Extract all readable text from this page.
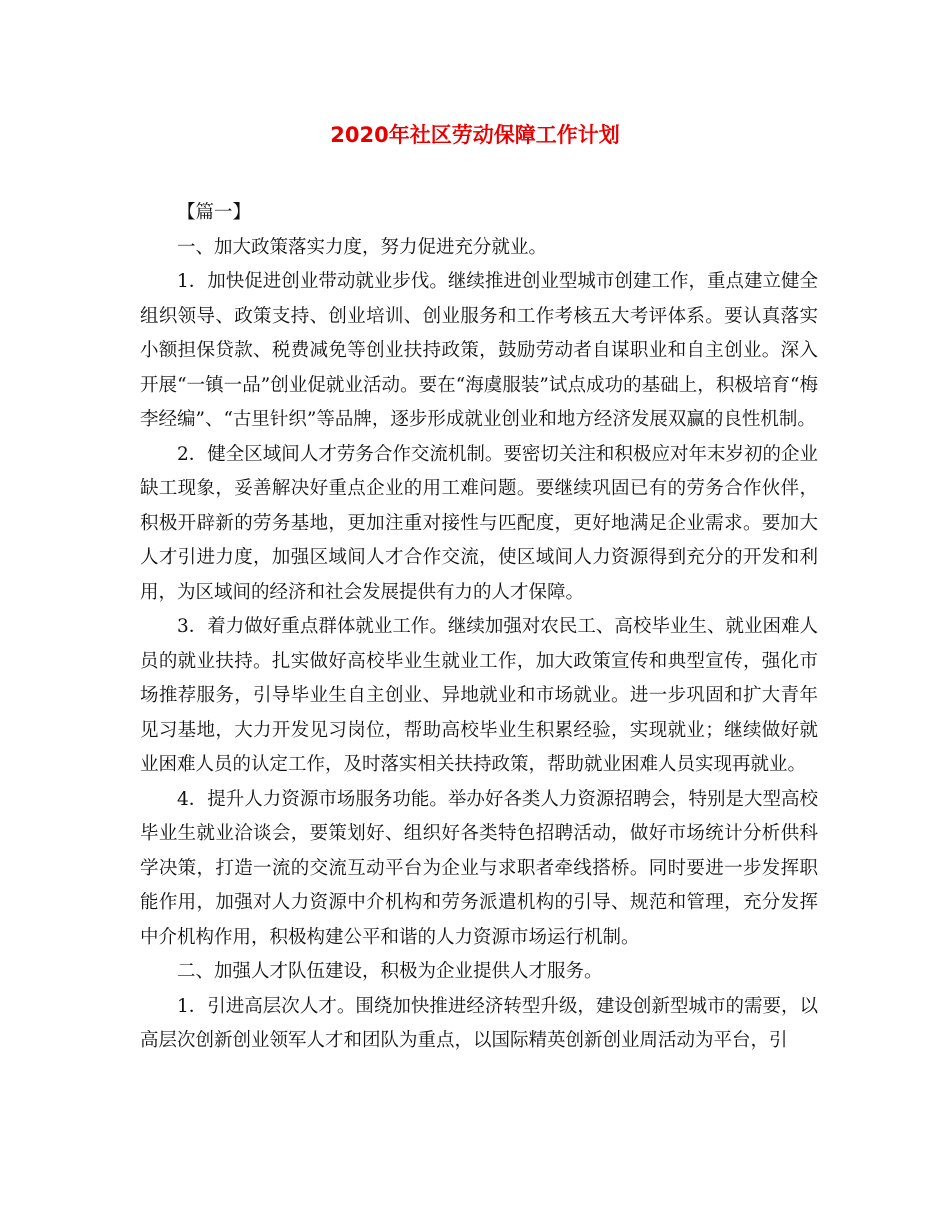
2020年社区劳动保障工作计划

【篇一】

一、加大政策落实力度，努力促进充分就业。

1．加快促进创业带动就业步伐。继续推进创业型城市创建工作，重点建立健全组织领导、政策支持、创业培训、创业服务和工作考核五大考评体系。要认真落实小额担保贷款、税费减免等创业扶持政策，鼓励劳动者自谋职业和自主创业。深入开展“一镇一品”创业促就业活动。要在“海虞服装”试点成功的基础上，积极培育“梅李经编”、“古里针织”等品牌，逐步形成就业创业和地方经济发展双赢的良性机制。

2．健全区域间人才劳务合作交流机制。要密切关注和积极应对年末岁初的企业缺工现象，妥善解决好重点企业的用工难问题。要继续巩固已有的劳务合作伙伴，积极开辟新的劳务基地，更加注重对接性与匹配度，更好地满足企业需求。要加大人才引进力度，加强区域间人才合作交流，使区域间人力资源得到充分的开发和利用，为区域间的经济和社会发展提供有力的人才保障。

3．着力做好重点群体就业工作。继续加强对农民工、高校毕业生、就业困难人员的就业扶持。扎实做好高校毕业生就业工作，加大政策宣传和典型宣传，强化市场推荐服务，引导毕业生自主创业、异地就业和市场就业。进一步巩固和扩大青年见习基地，大力开发见习岗位，帮助高校毕业生积累经验，实现就业；继续做好就业困难人员的认定工作，及时落实相关扶持政策，帮助就业困难人员实现再就业。

4．提升人力资源市场服务功能。举办好各类人力资源招聘会，特别是大型高校毕业生就业洽谈会，要策划好、组织好各类特色招聘活动，做好市场统计分析供科学决策，打造一流的交流互动平台为企业与求职者牵线搭桥。同时要进一步发挥职能作用，加强对人力资源中介机构和劳务派遣机构的引导、规范和管理，充分发挥中介机构作用，积极构建公平和谐的人力资源市场运行机制。

二、加强人才队伍建设，积极为企业提供人才服务。

1．引进高层次人才。围绕加快推进经济转型升级，建设创新型城市的需要，以高层次创新创业领军人才和团队为重点，以国际精英创新创业周活动为平台，引
